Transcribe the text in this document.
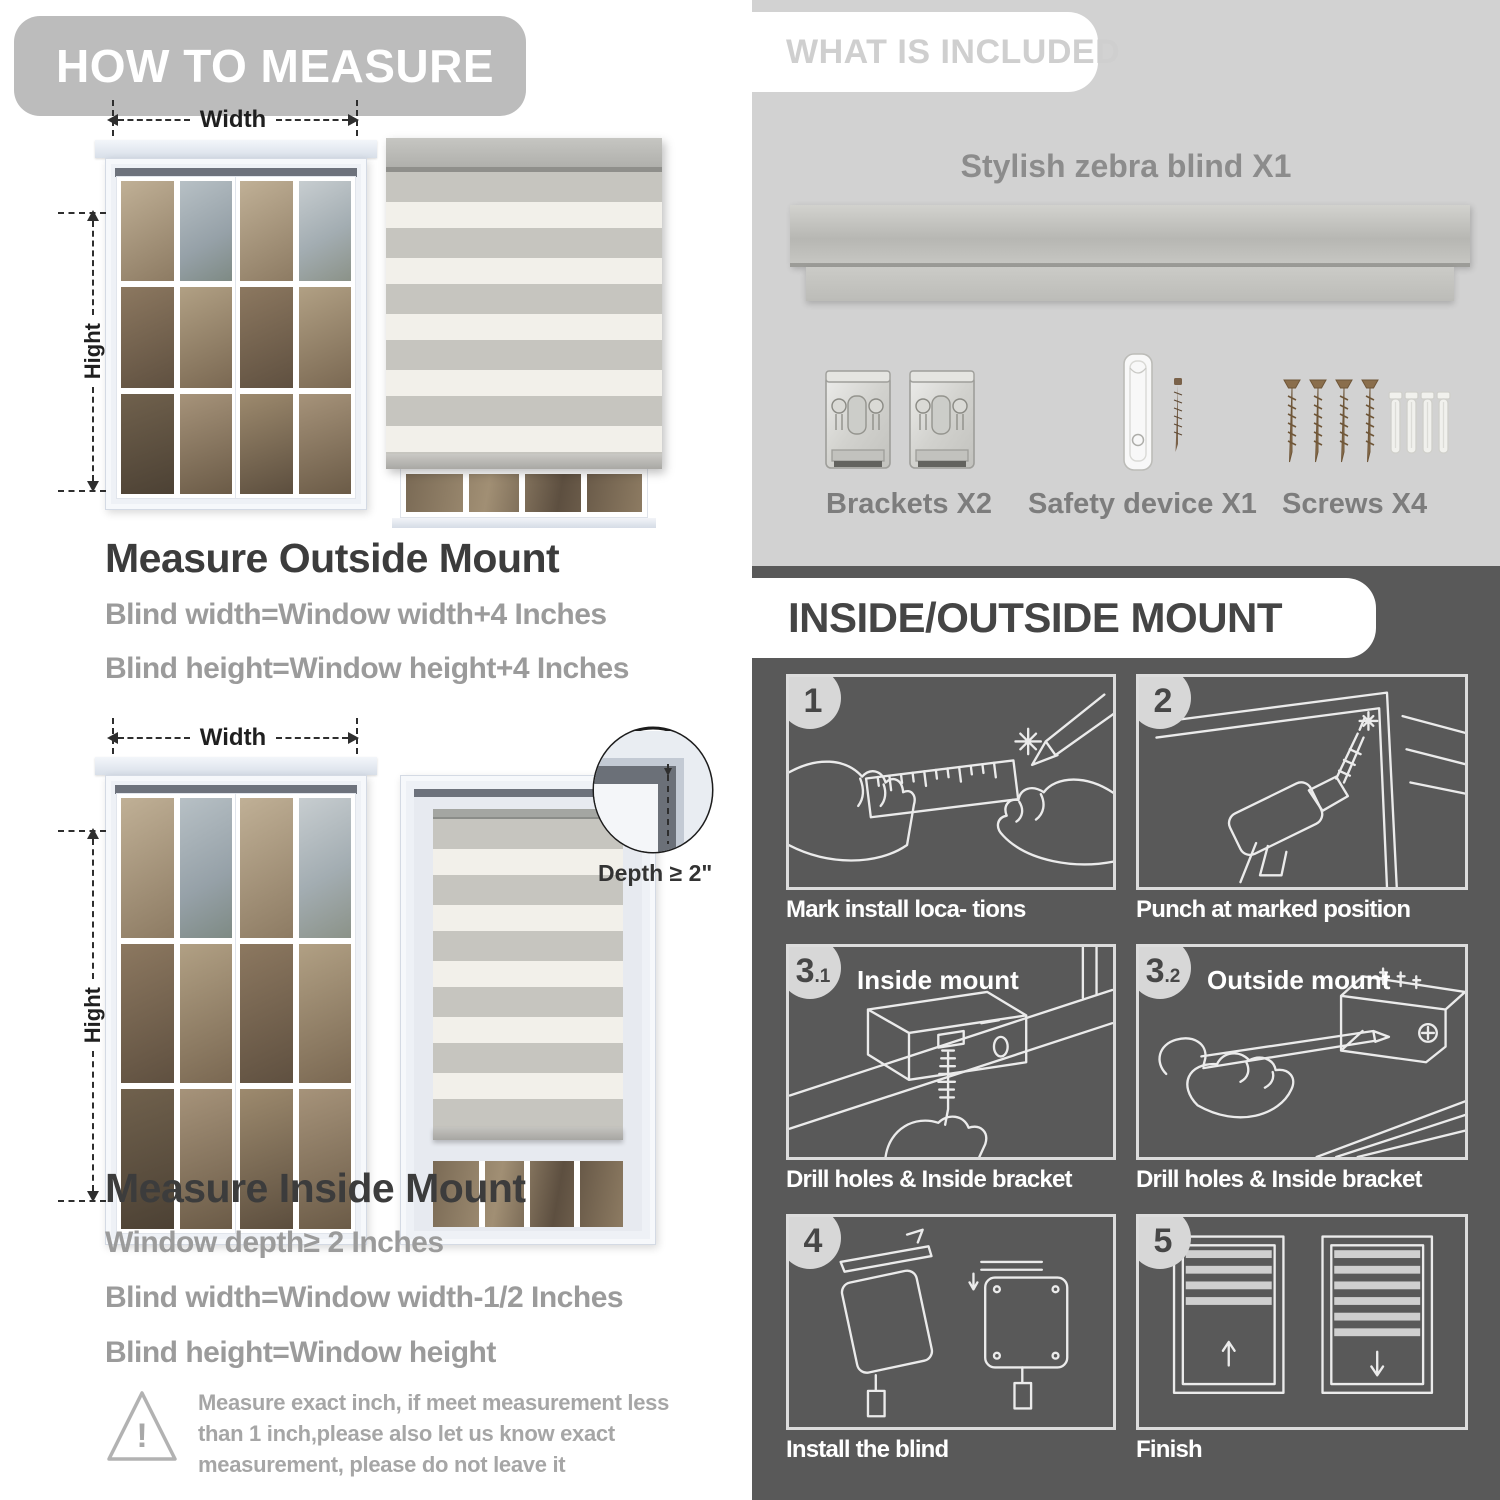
HOW TO MEASURE
Width
Hight
Measure Outside Mount

Blind width=Window width+4 Inches

Blind height=Window height+4 Inches

Width
Hight
Depth ≥ 2"
Measure Inside Mount

Window depth≥ 2 Inches

Blind width=Window width-1/2 Inches

Blind height=Window height

!
Measure exact inch, if meet measurement less
than 1 inch,please also let us know exact
measurement, please do not leave it
WHAT IS INCLUDED
Stylish zebra blind X1
Brackets X2 Safety device X1 Screws X4
INSIDE/OUTSIDE MOUNT
1
Mark install loca- tions
2
Punch at marked position
3 .1 Inside mount
Drill holes & Inside bracket
3 .2 Outside mount
Drill holes & Inside bracket
4
Install the blind
5
Finish
